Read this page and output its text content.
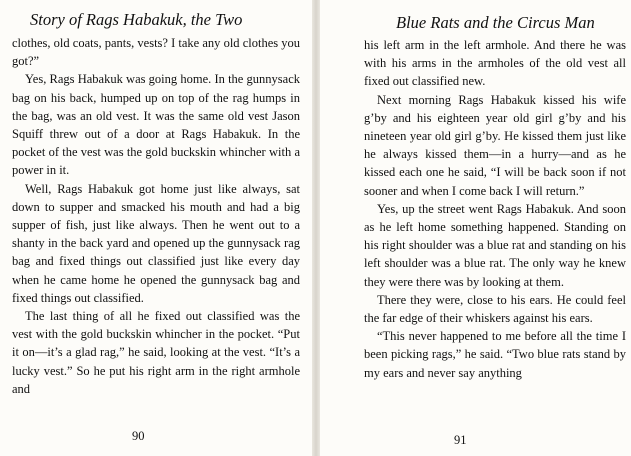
Story of Rags Habakuk, the Two

clothes, old coats, pants, vests? I take any old clothes you got?”

Yes, Rags Habakuk was going home. In the gunnysack bag on his back, humped up on top of the rag humps in the bag, was an old vest. It was the same old vest Jason Squiff threw out of a door at Rags Habakuk. In the pocket of the vest was the gold buckskin whincher with a power in it.

Well, Rags Habakuk got home just like always, sat down to supper and smacked his mouth and had a big supper of fish, just like always. Then he went out to a shanty in the back yard and opened up the gunnysack rag bag and fixed things out classified just like every day when he came home he opened the gunnysack bag and fixed things out classified.

The last thing of all he fixed out classified was the vest with the gold buckskin whincher in the pocket. “Put it on—it’s a glad rag,” he said, looking at the vest. “It’s a lucky vest.” So he put his right arm in the right armhole and

90
Blue Rats and the Circus Man

his left arm in the left armhole. And there he was with his arms in the armholes of the old vest all fixed out classified new.

Next morning Rags Habakuk kissed his wife g’by and his eighteen year old girl g’by and his nineteen year old girl g’by. He kissed them just like he always kissed them—in a hurry—and as he kissed each one he said, “I will be back soon if not sooner and when I come back I will return.”

Yes, up the street went Rags Habakuk. And soon as he left home something happened. Standing on his right shoulder was a blue rat and standing on his left shoulder was a blue rat. The only way he knew they were there was by looking at them.

There they were, close to his ears. He could feel the far edge of their whiskers against his ears.

“This never happened to me before all the time I been picking rags,” he said. “Two blue rats stand by my ears and never say anything

91
